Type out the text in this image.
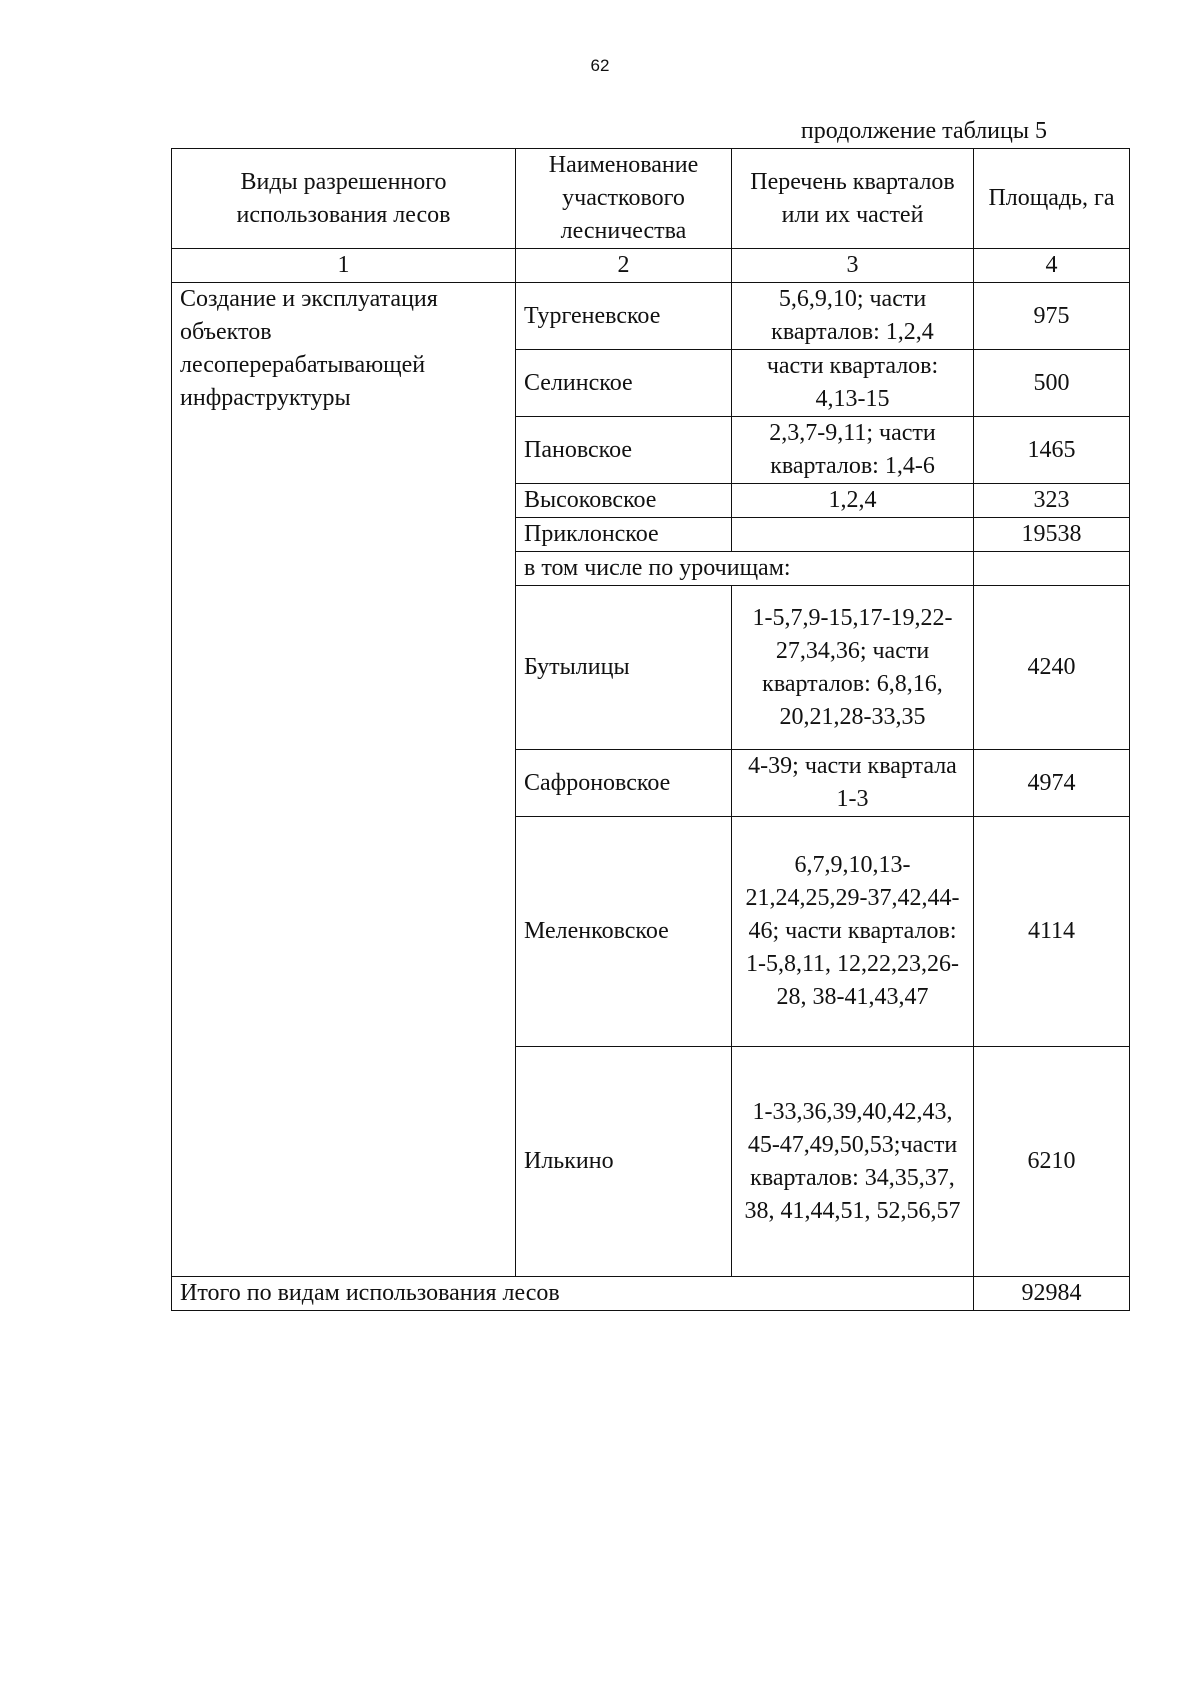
62
продолжение таблицы 5
Виды разрешенного использования лесов	Наименование участкового лесничества	Перечень кварталов или их частей	Площадь, га
1	2	3	4
Создание и эксплуатация объектов лесоперерабатывающей инфраструктуры	Тургеневское	5,6,9,10; части кварталов: 1,2,4	975
	Селинское	части кварталов: 4,13-15	500
	Пановское	2,3,7-9,11; части кварталов: 1,4-6	1465
	Высоковское	1,2,4	323
	Приклонское		19538
	в том числе по урочищам:		
	Бутылицы	1-5,7,9-15,17-19,22-27,34,36; части кварталов: 6,8,16, 20,21,28-33,35	4240
	Сафроновское	4-39; части квартала 1-3	4974
	Меленковское	6,7,9,10,13-21,24,25,29-37,42,44-46; части кварталов: 1-5,8,11, 12,22,23,26-28, 38-41,43,47	4114
	Илькино	1-33,36,39,40,42,43, 45-47,49,50,53;части кварталов: 34,35,37, 38, 41,44,51, 52,56,57	6210
Итого по видам использования лесов			92984
